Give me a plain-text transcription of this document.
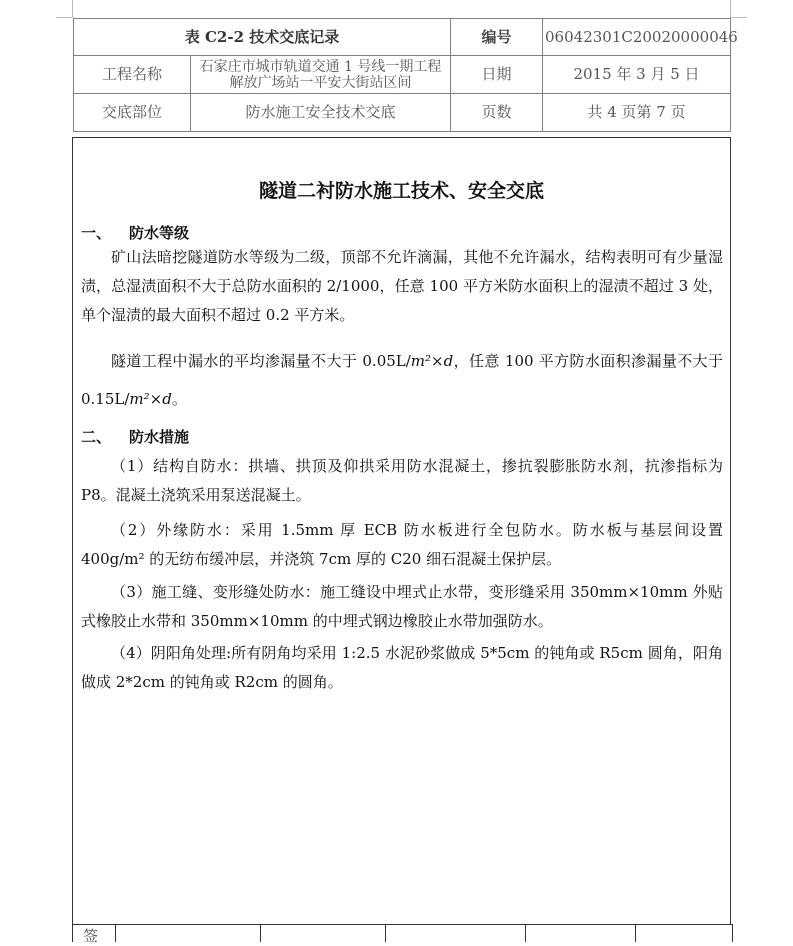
表 C2-2 技术交底记录		编号	06042301C20020000046
工程名称	石家庄市城市轨道交通 1 号线一期工程
解放广场站一平安大街站区间	日期	2015 年 3 月 5 日
交底部位	防水施工安全技术交底	页数	共 4 页第 7 页
隧道二衬防水施工技术、安全交底
一、 防水等级
矿山法暗挖隧道防水等级为二级，顶部不允许滴漏，其他不允许漏水，结构表明可有少量湿渍，总湿渍面积不大于总防水面积的 2/1000，任意 100 平方米防水面积上的湿渍不超过 3 处，单个湿渍的最大面积不超过 0.2 平方米。
隧道工程中漏水的平均渗漏量不大于 0.05L/m²×d，任意 100 平方防水面积渗漏量不大于 0.15L/m²×d。
二、 防水措施
（1）结构自防水：拱墙、拱顶及仰拱采用防水混凝土，掺抗裂膨胀防水剂，抗渗指标为 P8。混凝土浇筑采用泵送混凝土。
（2）外缘防水：采用 1.5mm 厚 ECB 防水板进行全包防水。防水板与基层间设置 400g/m² 的无纺布缓冲层，并浇筑 7cm 厚的 C20 细石混凝土保护层。
（3）施工缝、变形缝处防水：施工缝设中埋式止水带，变形缝采用 350mm×10mm 外贴式橡胶止水带和 350mm×10mm 的中埋式钢边橡胶止水带加强防水。
（4）阴阳角处理:所有阴角均采用 1:2.5 水泥砂浆做成 5*5cm 的钝角或 R5cm 圆角，阳角做成 2*2cm 的钝角或 R2cm 的圆角。
签
